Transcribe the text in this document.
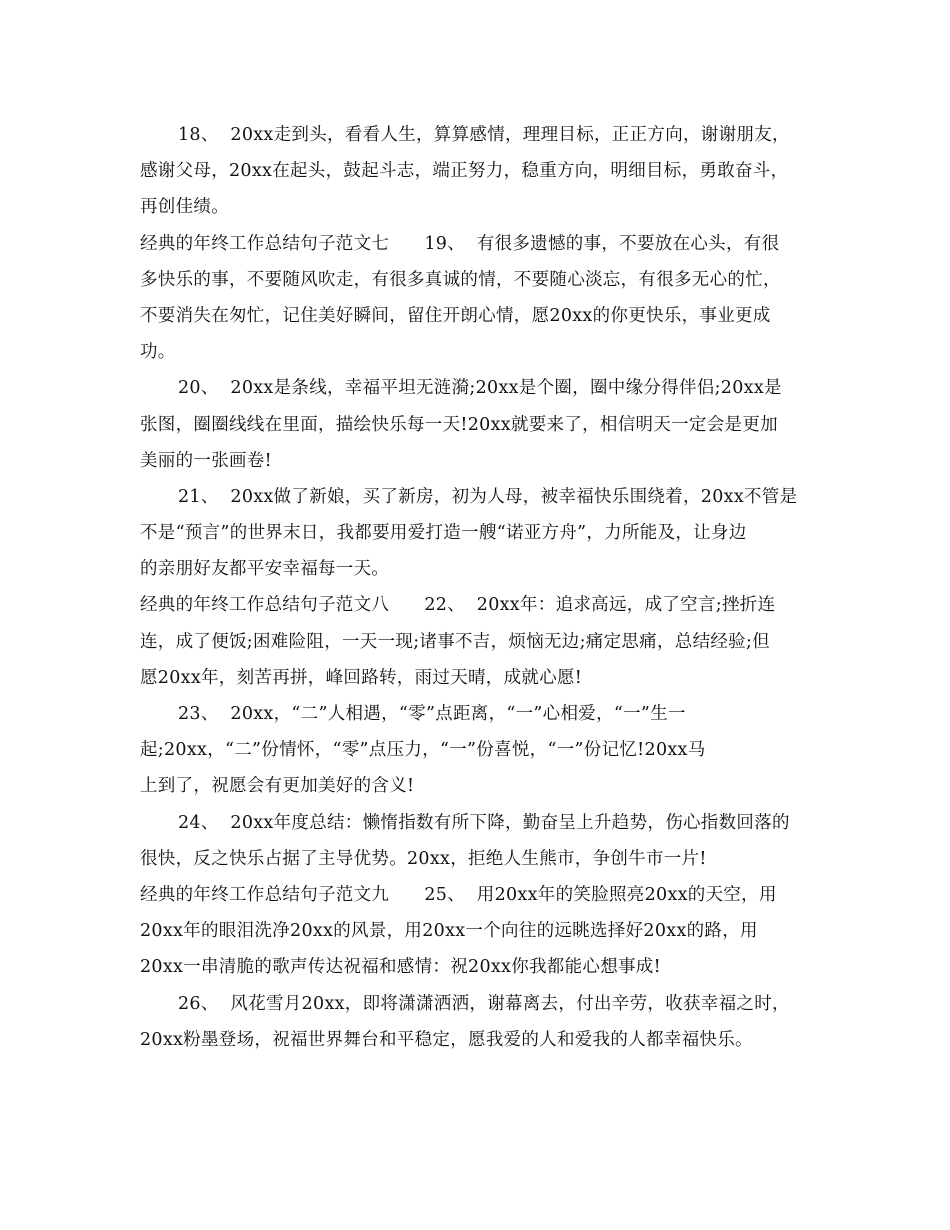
18、  20xx走到头，看看人生，算算感情，理理目标，正正方向，谢谢朋友，
感谢父母，20xx在起头，鼓起斗志，端正努力，稳重方向，明细目标，勇敢奋斗，
再创佳绩。
经典的年终工作总结句子范文七      19、  有很多遗憾的事，不要放在心头，有很
多快乐的事，不要随风吹走，有很多真诚的情，不要随心淡忘，有很多无心的忙，
不要消失在匆忙，记住美好瞬间，留住开朗心情，愿20xx的你更快乐，事业更成
功。
20、  20xx是条线，幸福平坦无涟漪;20xx是个圈，圈中缘分得伴侣;20xx是
张图，圈圈线线在里面，描绘快乐每一天!20xx就要来了，相信明天一定会是更加
美丽的一张画卷!
21、  20xx做了新娘，买了新房，初为人母，被幸福快乐围绕着，20xx不管是
不是“预言”的世界末日，我都要用爱打造一艘“诺亚方舟”，力所能及，让身边
的亲朋好友都平安幸福每一天。
经典的年终工作总结句子范文八      22、  20xx年：追求高远，成了空言;挫折连
连，成了便饭;困难险阻，一天一现;诸事不吉，烦恼无边;痛定思痛，总结经验;但
愿20xx年，刻苦再拼，峰回路转，雨过天晴，成就心愿!
23、  20xx，“二”人相遇，“零”点距离，“一”心相爱，“一”生一
起;20xx，“二”份情怀，“零”点压力，“一”份喜悦，“一”份记忆!20xx马
上到了，祝愿会有更加美好的含义!
24、  20xx年度总结：懒惰指数有所下降，勤奋呈上升趋势，伤心指数回落的
很快，反之快乐占据了主导优势。20xx，拒绝人生熊市，争创牛市一片!
经典的年终工作总结句子范文九      25、  用20xx年的笑脸照亮20xx的天空，用
20xx年的眼泪洗净20xx的风景，用20xx一个向往的远眺选择好20xx的路，用
20xx一串清脆的歌声传达祝福和感情：祝20xx你我都能心想事成!
26、  风花雪月20xx，即将潇潇洒洒，谢幕离去，付出辛劳，收获幸福之时，
20xx粉墨登场，祝福世界舞台和平稳定，愿我爱的人和爱我的人都幸福快乐。
